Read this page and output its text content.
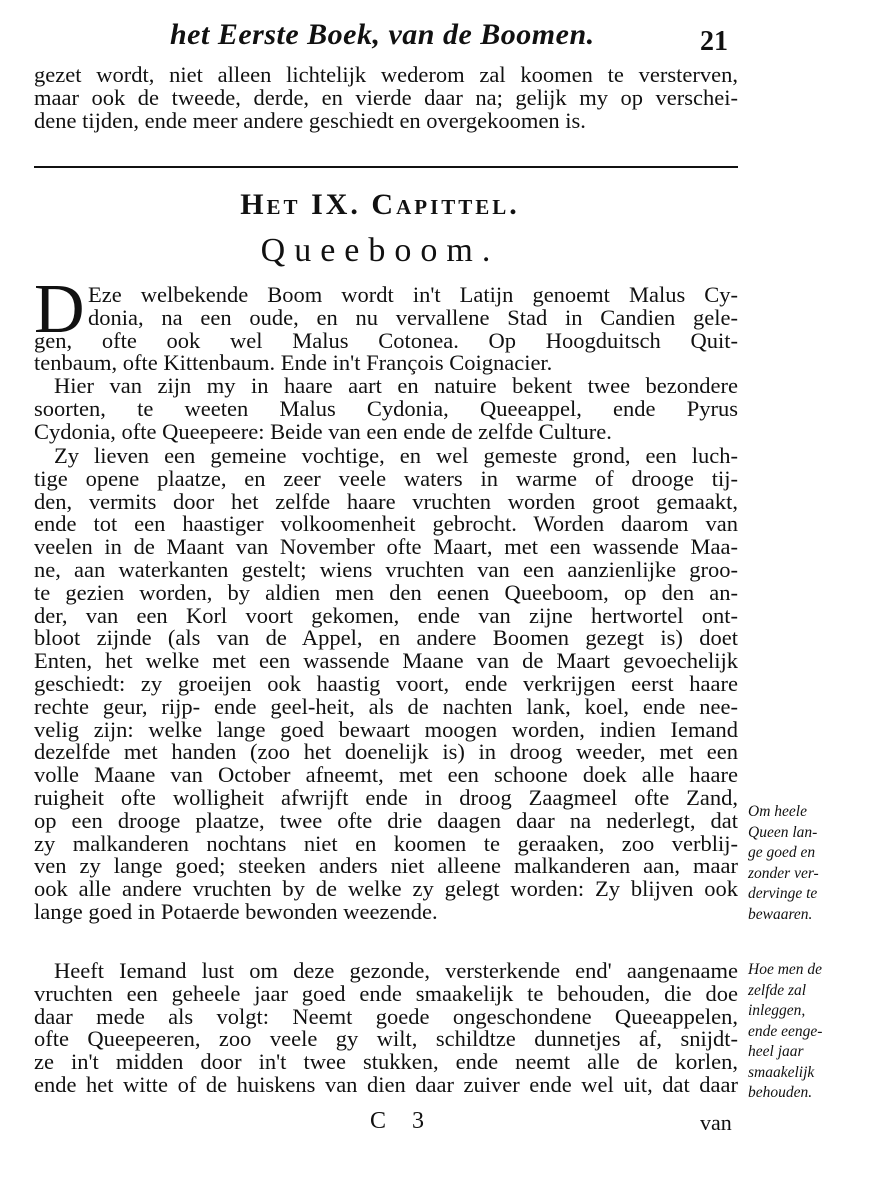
het Eerste Boek, van de Boomen.	21
gezet wordt, niet alleen lichtelijk wederom zal koomen te versterven,
maar ook de tweede, derde, en vierde daar na; gelijk my op verschei-
dene tijden, ende meer andere geschiedt en overgekoomen is.
Het IX. Capittel.
Queeboom.
D Eze welbekende Boom wordt in't Latijn genoemt Malus Cy-
donia, na een oude, en nu vervallene Stad in Candien gele-
gen, ofte ook wel Malus Cotonea. Op Hoogduitsch Quit-
tenbaum, ofte Kittenbaum. Ende in't François Coignacier.
Hier van zijn my in haare aart en natuire bekent twee bezondere
soorten, te weeten Malus Cydonia, Queeappel, ende Pyrus
Cydonia, ofte Queepeere: Beide van een ende de zelfde Culture.
Zy lieven een gemeine vochtige, en wel gemeste grond, een luch-
tige opene plaatze, en zeer veele waters in warme of drooge tij-
den, vermits door het zelfde haare vruchten worden groot gemaakt,
ende tot een haastiger volkoomenheit gebrocht. Worden daarom van
veelen in de Maant van November ofte Maart, met een wassende Maa-
ne, aan waterkanten gestelt; wiens vruchten van een aanzienlijke groo-
te gezien worden, by aldien men den eenen Queeboom, op den an-
der, van een Korl voort gekomen, ende van zijne hertwortel ont-
bloot zijnde (als van de Appel, en andere Boomen gezegt is) doet
Enten, het welke met een wassende Maane van de Maart gevoechelijk
geschiedt: zy groeijen ook haastig voort, ende verkrijgen eerst haare
rechte geur, rijp- ende geel-heit, als de nachten lank, koel, ende nee-
velig zijn: welke lange goed bewaart moogen worden, indien Iemand
dezelfde met handen (zoo het doenelijk is) in droog weeder, met een
volle Maane van October afneemt, met een schoone doek alle haare
ruigheit ofte wolligheit afwrijft ende in droog Zaagmeel ofte Zand,
op een drooge plaatze, twee ofte drie daagen daar na nederlegt, dat
zy malkanderen nochtans niet en koomen te geraaken, zoo verblij-
ven zy lange goed; steeken anders niet alleene malkanderen aan, maar
ook alle andere vruchten by de welke zy gelegt worden: Zy blijven ook
lange goed in Potaerde bewonden weezende.
Heeft Iemand lust om deze gezonde, versterkende end' aangenaame
vruchten een geheele jaar goed ende smaakelijk te behouden, die doe
daar mede als volgt: Neemt goede ongeschondene Queeappelen,
ofte Queepeeren, zoo veele gy wilt, schildtze dunnetjes af, snijdt-
ze in't midden door in't twee stukken, ende neemt alle de korlen,
ende het witte of de huiskens van dien daar zuiver ende wel uit, dat daar
Om heele
Queen lan-
ge goed en
zonder ver-
dervinge te
bewaaren.
Hoe men de
zelfde zal
inleggen,
ende eenge-
heel jaar
smaakelijk
behouden.
C 3	van
